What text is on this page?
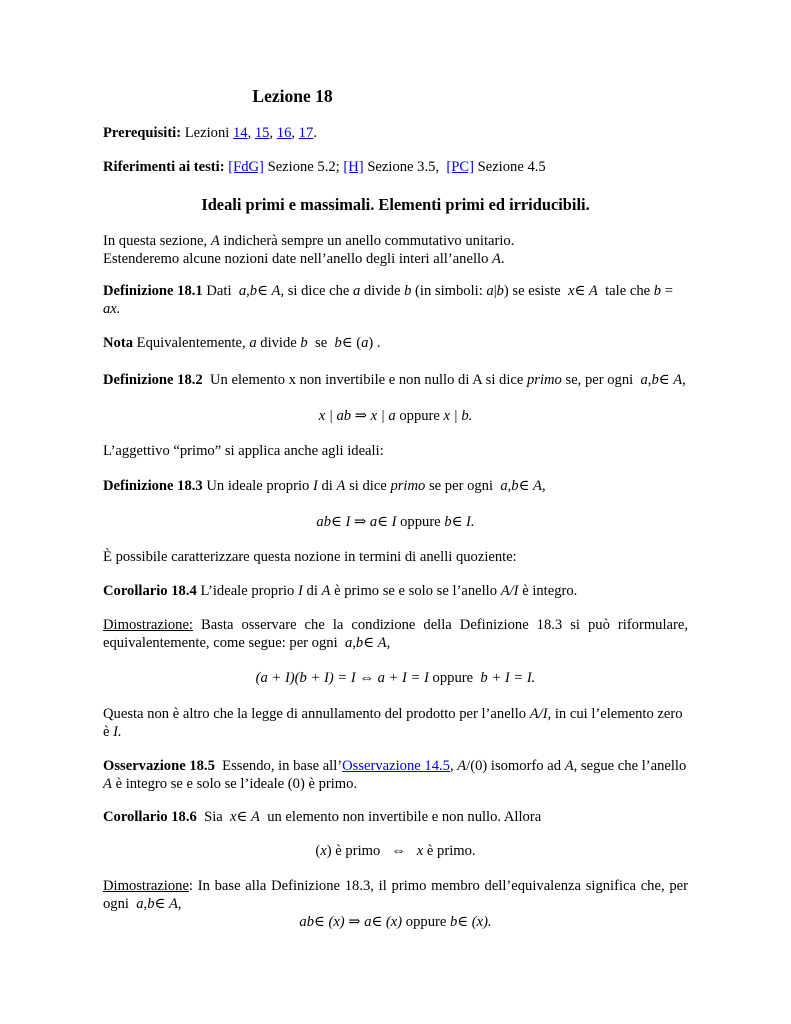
Lezione 18
Prerequisiti: Lezioni 14, 15, 16, 17.
Riferimenti ai testi: [FdG] Sezione 5.2; [H] Sezione 3.5, [PC] Sezione 4.5
Ideali primi e massimali. Elementi primi ed irriducibili.
In questa sezione, A indicherà sempre un anello commutativo unitario.
Estenderemo alcune nozioni date nell’anello degli interi all’anello A.
Definizione 18.1 Dati  a,b∈ A, si dice che a divide b (in simboli: a|b) se esiste x∈ A tale che b =
ax.
Nota Equivalentemente, a divide b se b∈ (a) .
Definizione 18.2 Un elemento x non invertibile e non nullo di A si dice primo se, per ogni a,b∈ A,
x | ab ⇒ x | a oppure x | b.
L’aggettivo “primo” si applica anche agli ideali:
Definizione 18.3 Un ideale proprio I di A si dice primo se per ogni a,b∈ A,
ab∈ I ⇒ a∈ I oppure b∈ I.
È possibile caratterizzare questa nozione in termini di anelli quoziente:
Corollario 18.4 L’ideale proprio I di A è primo se e solo se l’anello A/I è integro.
Dimostrazione: Basta osservare che la condizione della Definizione 18.3 si può riformulare, equivalentemente, come segue: per ogni a,b∈ A,
(a + I)(b + I) = I ⇔ a + I = I oppure b + I = I.
Questa non è altro che la legge di annullamento del prodotto per l’anello A/I, in cui l’elemento zero è I.
Osservazione 18.5 Essendo, in base all’Osservazione 14.5, A/(0) isomorfo ad A, segue che l’anello
A è integro se e solo se l’ideale (0) è primo.
Corollario 18.6 Sia x∈ A un elemento non invertibile e non nullo. Allora
(x) è primo   ⇔   x è primo.
Dimostrazione: In base alla Definizione 18.3, il primo membro dell’equivalenza significa che, per ogni a,b∈ A,
ab∈ (x) ⇒ a∈ (x) oppure b∈ (x).
